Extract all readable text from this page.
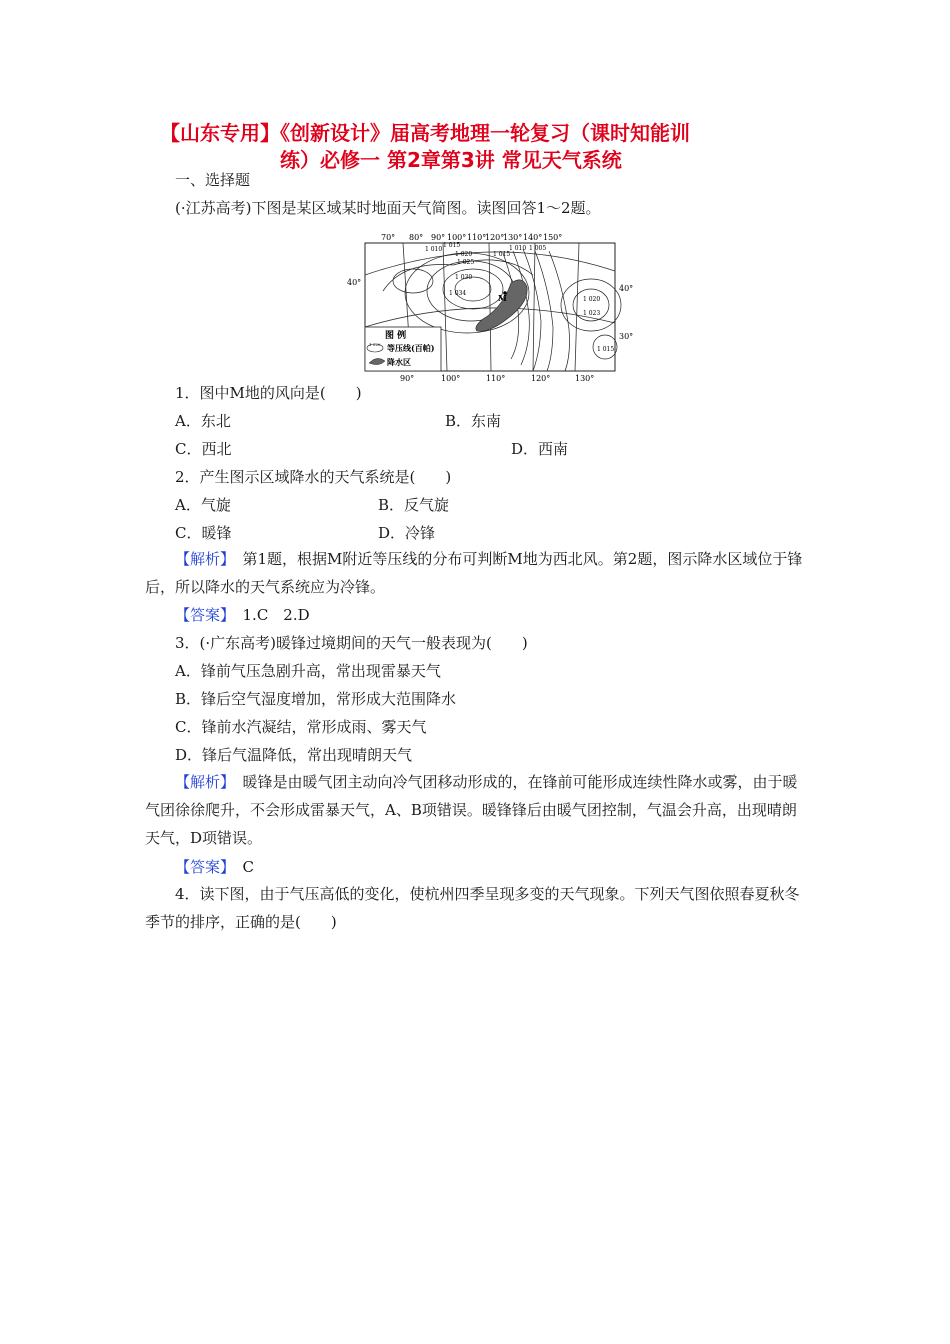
【山东专用】《创新设计》届高考地理一轮复习（课时知能训
练）必修一 第2章第3讲 常见天气系统
一、选择题
(·江苏高考)下图是某区域某时地面天气简图。读图回答1～2题。
70° 80° 90° 100° 110°
120°
130° 140° 150°
90°	100°	110°	120°	130°
40°
40°
30°
1 010
1 015
1 020
1 025
1 030
1 034
1 015
1 010 1 005
1 020
1 023
1 015
M
图 例
1 020 等压线(百帕)
降水区
1．图中M地的风向是(　　)
A．东北	B．东南
C．西北	D．西南
2．产生图示区域降水的天气系统是(　　)
A．气旋	B．反气旋
C．暖锋	D．冷锋
【解析】　第1题，根据M附近等压线的分布可判断M地为西北风。第2题，图示降水区域位于锋后，所以降水的天气系统应为冷锋。
【答案】　1.C　2.D
3．(·广东高考)暖锋过境期间的天气一般表现为(　　)
A．锋前气压急剧升高，常出现雷暴天气
B．锋后空气湿度增加，常形成大范围降水
C．锋前水汽凝结，常形成雨、雾天气
D．锋后气温降低，常出现晴朗天气
【解析】　暖锋是由暖气团主动向冷气团移动形成的，在锋前可能形成连续性降水或雾，由于暖气团徐徐爬升，不会形成雷暴天气，A、B项错误。暖锋锋后由暖气团控制，气温会升高，出现晴朗天气，D项错误。
【答案】　C
4．读下图，由于气压高低的变化，使杭州四季呈现多变的天气现象。下列天气图依照春夏秋冬季节的排序，正确的是(　　)
